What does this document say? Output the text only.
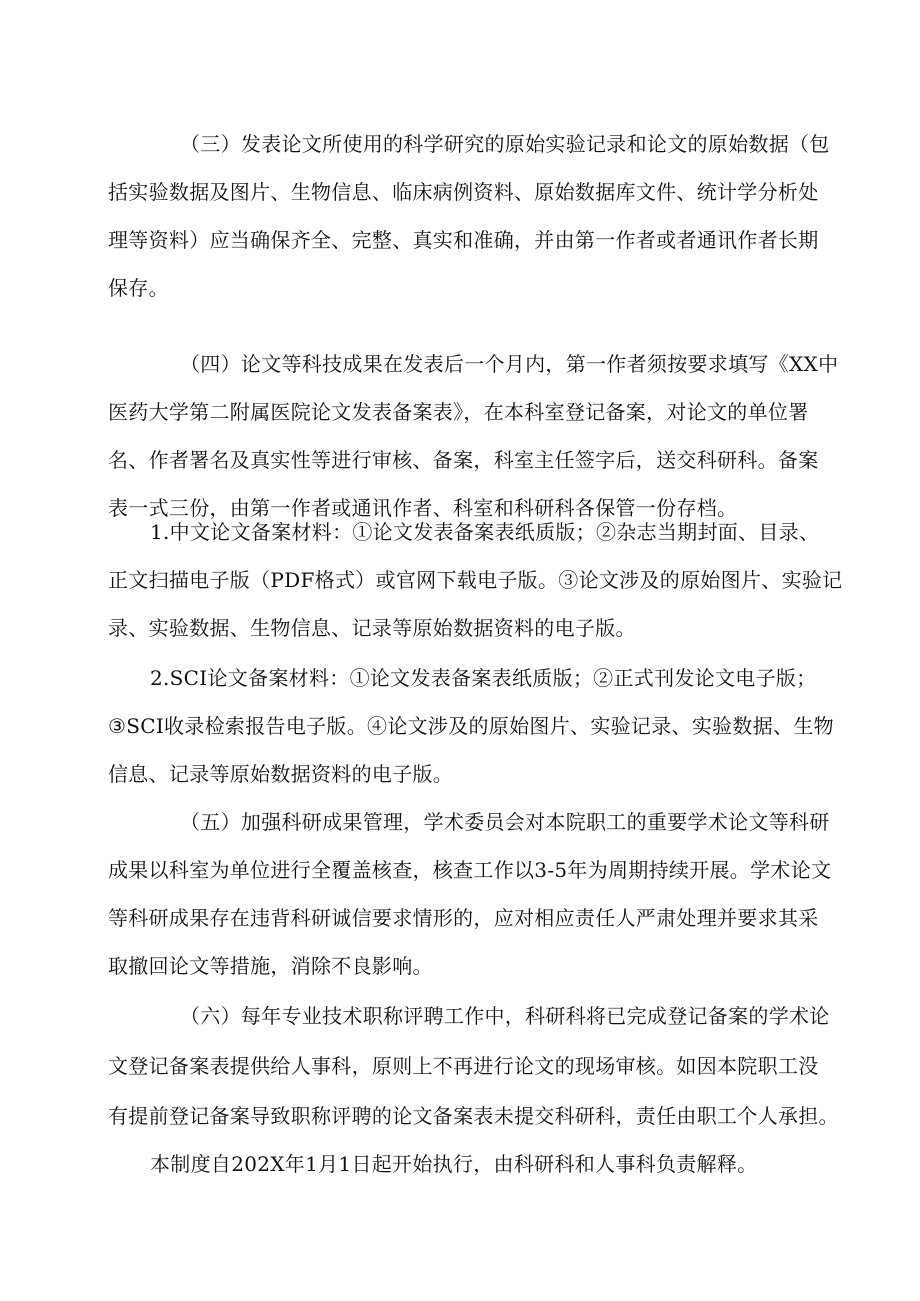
（三）发表论文所使用的科学研究的原始实验记录和论文的原始数据（包
括实验数据及图片、生物信息、临床病例资料、原始数据库文件、统计学分析处
理等资料）应当确保齐全、完整、真实和准确，并由第一作者或者通讯作者长期
保存。
（四）论文等科技成果在发表后一个月内，第一作者须按要求填写《XX中
医药大学第二附属医院论文发表备案表》，在本科室登记备案，对论文的单位署
名、作者署名及真实性等进行审核、备案，科室主任签字后，送交科研科。备案
表一式三份，由第一作者或通讯作者、科室和科研科各保管一份存档。
1.中文论文备案材料：①论文发表备案表纸质版；②杂志当期封面、目录、
正文扫描电子版（PDF格式）或官网下载电子版。③论文涉及的原始图片、实验记
录、实验数据、生物信息、记录等原始数据资料的电子版。
2.SCI论文备案材料：①论文发表备案表纸质版；②正式刊发论文电子版；
③SCI收录检索报告电子版。④论文涉及的原始图片、实验记录、实验数据、生物
信息、记录等原始数据资料的电子版。
（五）加强科研成果管理，学术委员会对本院职工的重要学术论文等科研
成果以科室为单位进行全覆盖核查，核查工作以3-5年为周期持续开展。学术论文
等科研成果存在违背科研诚信要求情形的，应对相应责任人严肃处理并要求其采
取撤回论文等措施，消除不良影响。
（六）每年专业技术职称评聘工作中，科研科将已完成登记备案的学术论
文登记备案表提供给人事科，原则上不再进行论文的现场审核。如因本院职工没
有提前登记备案导致职称评聘的论文备案表未提交科研科，责任由职工个人承担。
本制度自202X年1月1日起开始执行，由科研科和人事科负责解释。
